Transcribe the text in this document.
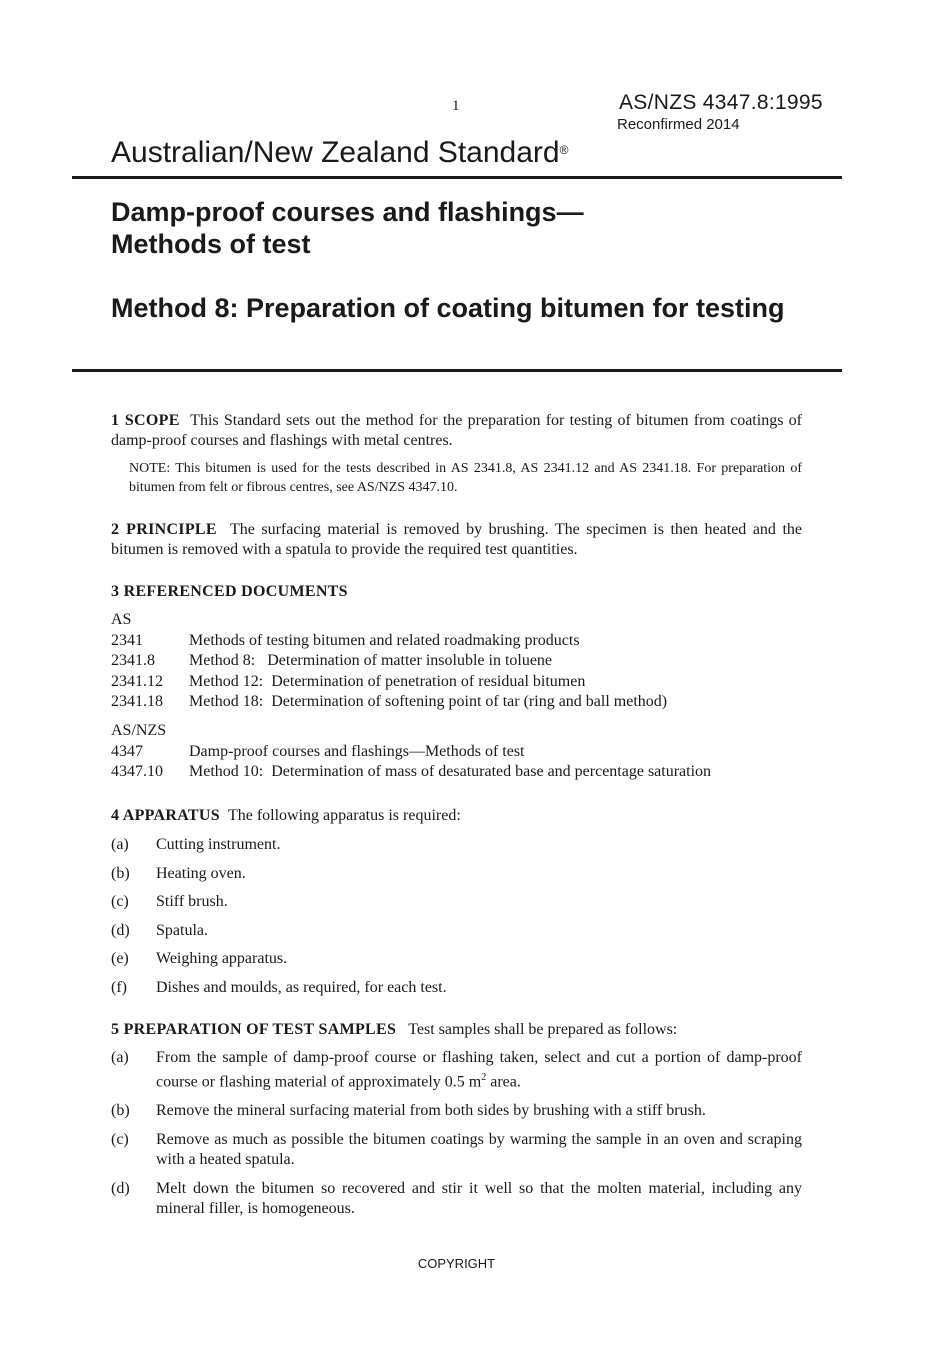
1	AS/NZS 4347.8:1995
Reconfirmed 2014
Australian/New Zealand Standard®
Damp-proof courses and flashings—
Methods of test
Method 8: Preparation of coating bitumen for testing

1 SCOPE This Standard sets out the method for the preparation for testing of bitumen from coatings of damp-proof courses and flashings with metal centres.

NOTE: This bitumen is used for the tests described in AS 2341.8, AS 2341.12 and AS 2341.18. For preparation of bitumen from felt or fibrous centres, see AS/NZS 4347.10.

2 PRINCIPLE The surfacing material is removed by brushing. The specimen is then heated and the bitumen is removed with a spatula to provide the required test quantities.

3 REFERENCED DOCUMENTS

AS
2341	Methods of testing bitumen and related roadmaking products
2341.8	Method 8:   Determination of matter insoluble in toluene
2341.12	Method 12:  Determination of penetration of residual bitumen
2341.18	Method 18:  Determination of softening point of tar (ring and ball method)
AS/NZS
4347	Damp-proof courses and flashings—Methods of test
4347.10	Method 10:  Determination of mass of desaturated base and percentage saturation

4 APPARATUS The following apparatus is required:

(a)	Cutting instrument.
(b)	Heating oven.
(c)	Stiff brush.
(d)	Spatula.
(e)	Weighing apparatus.
(f)	Dishes and moulds, as required, for each test.

5 PREPARATION OF TEST SAMPLES Test samples shall be prepared as follows:

(a)	From the sample of damp-proof course or flashing taken, select and cut a portion of damp-proof course or flashing material of approximately 0.5 $m^2$ area.
(b)	Remove the mineral surfacing material from both sides by brushing with a stiff brush.
(c)	Remove as much as possible the bitumen coatings by warming the sample in an oven and scraping with a heated spatula.
(d)	Melt down the bitumen so recovered and stir it well so that the molten material, including any mineral filler, is homogeneous.
COPYRIGHT
